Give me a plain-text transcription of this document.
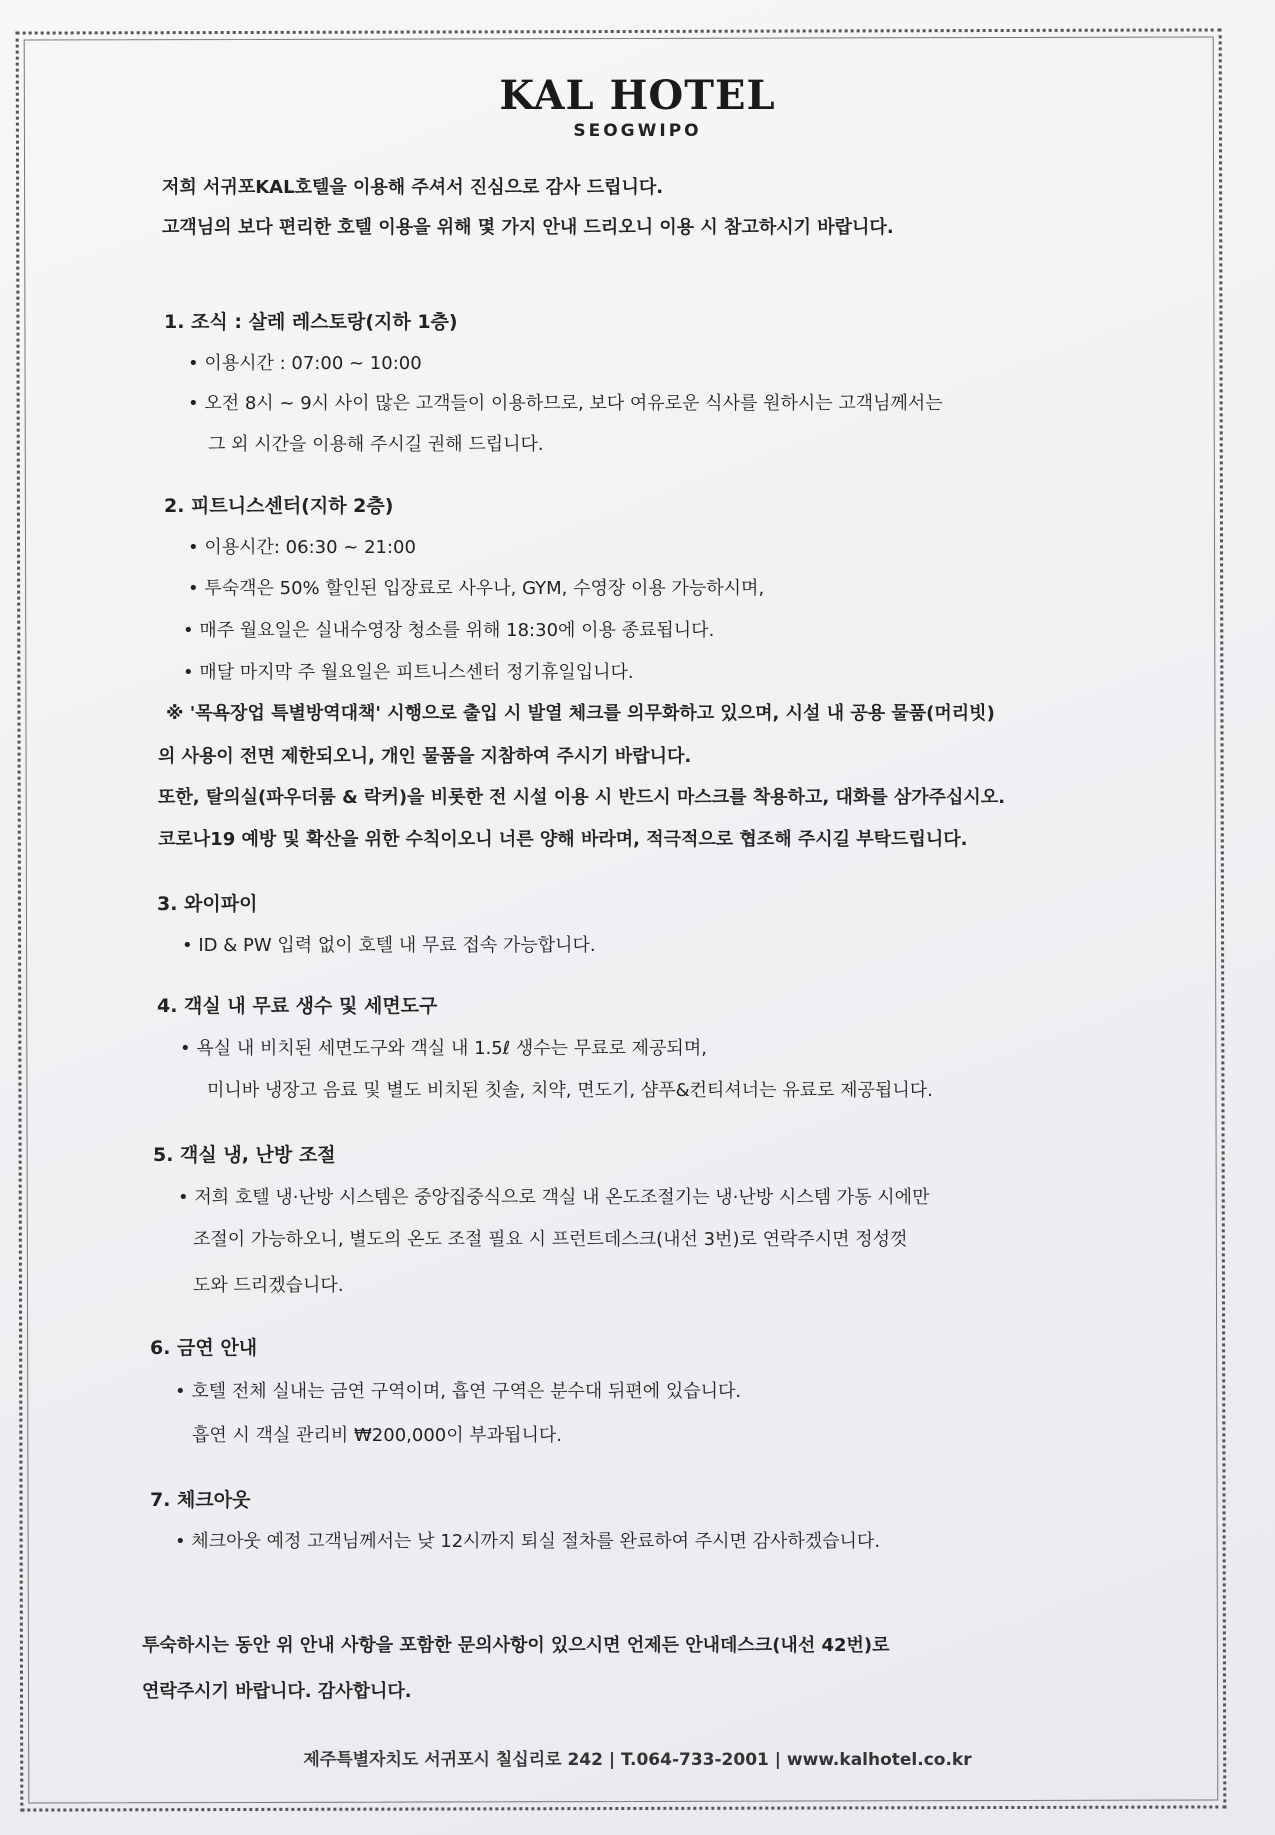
KAL HOTEL
SEOGWIPO
저희 서귀포KAL호텔을 이용해 주셔서 진심으로 감사 드립니다.
고객님의 보다 편리한 호텔 이용을 위해 몇 가지 안내 드리오니 이용 시 참고하시기 바랍니다.
1. 조식 : 살레 레스토랑(지하 1층)
• 이용시간 : 07:00 ~ 10:00
• 오전 8시 ~ 9시 사이 많은 고객들이 이용하므로, 보다 여유로운 식사를 원하시는 고객님께서는
그 외 시간을 이용해 주시길 권해 드립니다.
2. 피트니스센터(지하 2층)
• 이용시간: 06:30 ~ 21:00
• 투숙객은 50% 할인된 입장료로 사우나, GYM, 수영장 이용 가능하시며,
• 매주 월요일은 실내수영장 청소를 위해 18:30에 이용 종료됩니다.
• 매달 마지막 주 월요일은 피트니스센터 정기휴일입니다.
※ '목욕장업 특별방역대책' 시행으로 출입 시 발열 체크를 의무화하고 있으며, 시설 내 공용 물품(머리빗)
의 사용이 전면 제한되오니, 개인 물품을 지참하여 주시기 바랍니다.
또한, 탈의실(파우더룸 & 락커)을 비롯한 전 시설 이용 시 반드시 마스크를 착용하고, 대화를 삼가주십시오.
코로나19 예방 및 확산을 위한 수칙이오니 너른 양해 바라며, 적극적으로 협조해 주시길 부탁드립니다.
3. 와이파이
• ID & PW 입력 없이 호텔 내 무료 접속 가능합니다.
4. 객실 내 무료 생수 및 세면도구
• 욕실 내 비치된 세면도구와 객실 내 1.5ℓ 생수는 무료로 제공되며,
미니바 냉장고 음료 및 별도 비치된 칫솔, 치약, 면도기, 샴푸&컨티셔너는 유료로 제공됩니다.
5. 객실 냉, 난방 조절
• 저희 호텔 냉·난방 시스템은 중앙집중식으로 객실 내 온도조절기는 냉·난방 시스템 가동 시에만
조절이 가능하오니, 별도의 온도 조절 필요 시 프런트데스크(내선 3번)로 연락주시면 정성껏
도와 드리겠습니다.
6. 금연 안내
• 호텔 전체 실내는 금연 구역이며, 흡연 구역은 분수대 뒤편에 있습니다.
흡연 시 객실 관리비 ₩200,000이 부과됩니다.
7. 체크아웃
• 체크아웃 예정 고객님께서는 낮 12시까지 퇴실 절차를 완료하여 주시면 감사하겠습니다.
투숙하시는 동안 위 안내 사항을 포함한 문의사항이 있으시면 언제든 안내데스크(내선 42번)로
연락주시기 바랍니다. 감사합니다.
제주특별자치도 서귀포시 칠십리로 242 | T.064-733-2001 | www.kalhotel.co.kr
